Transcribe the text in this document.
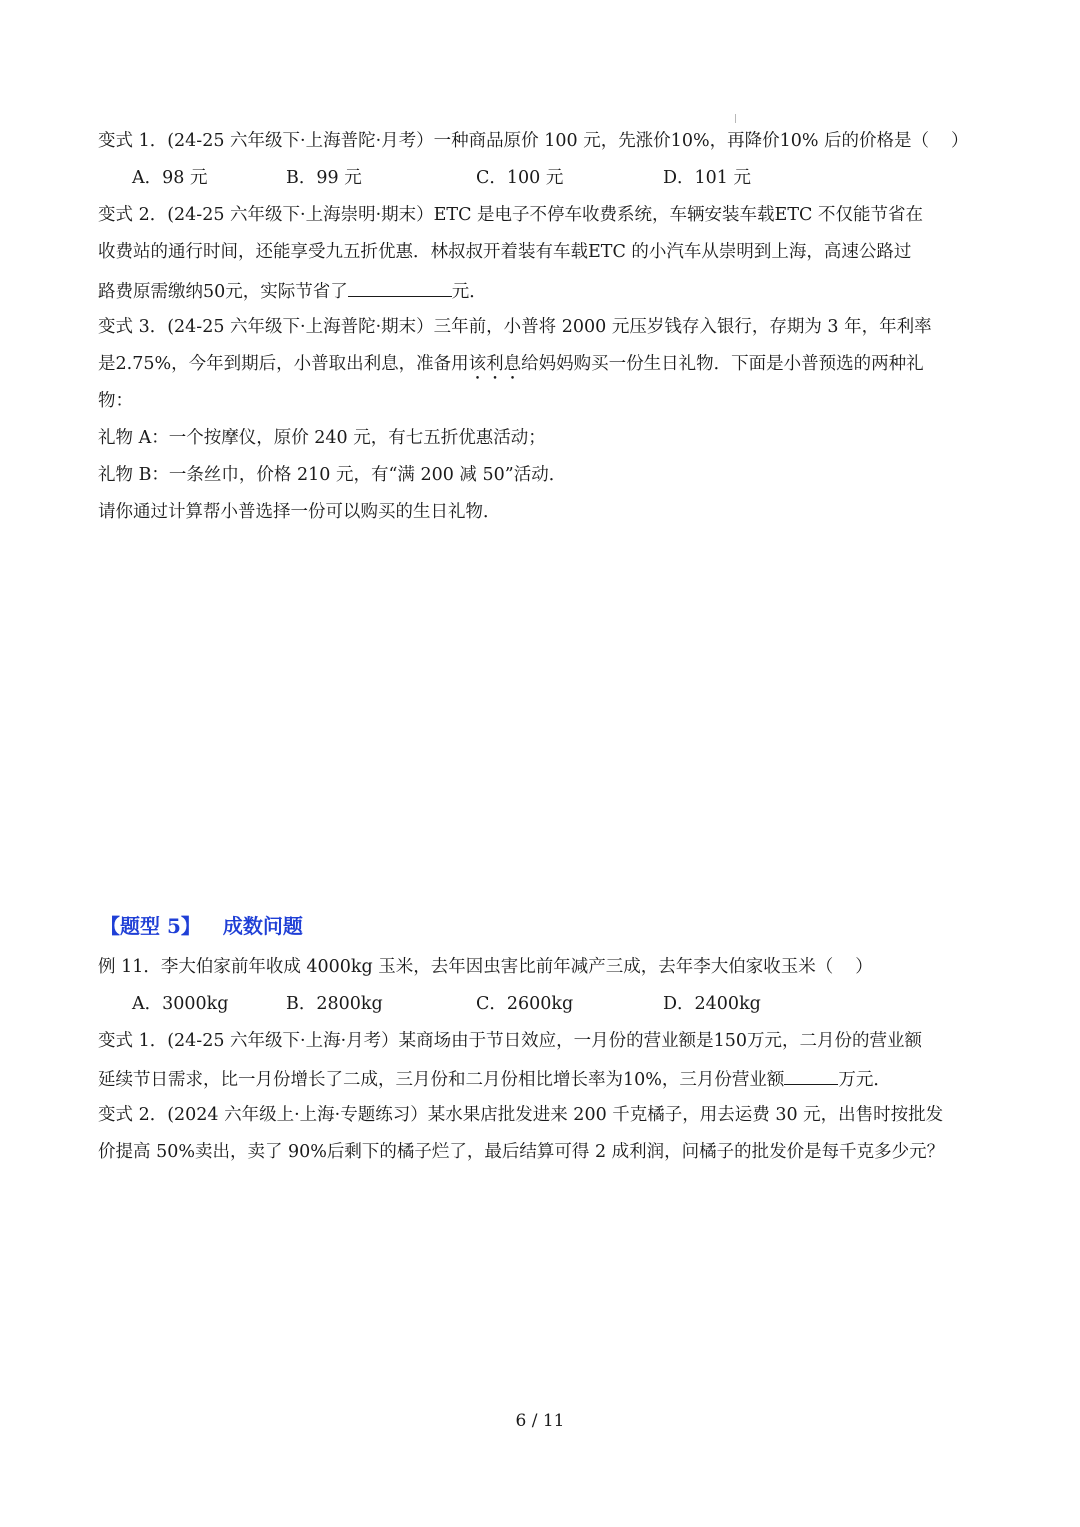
变式 1．(24-25 六年级下·上海普陀·月考）一种商品原价 100 元，先涨价10%，再降价10% 后的价格是（ ）
A．98 元	B．99 元	C．100 元	D．101 元
变式 2．(24-25 六年级下·上海崇明·期末）ETC 是电子不停车收费系统，车辆安装车载ETC 不仅能节省在
收费站的通行时间，还能享受九五折优惠．林叔叔开着装有车载ETC 的小汽车从崇明到上海，高速公路过
路费原需缴纳50元，实际节省了	元．
变式 3．(24-25 六年级下·上海普陀·期末）三年前，小普将 2000 元压岁钱存入银行，存期为 3 年，年利率
是2.75%，今年到期后，小普取出利息，准备用该利息给妈妈购买一份生日礼物．下面是小普预选的两种礼
物：
礼物 A：一个按摩仪，原价 240 元，有七五折优惠活动；
礼物 B：一条丝巾，价格 210 元，有“满 200 减 50”活动．
请你通过计算帮小普选择一份可以购买的生日礼物．
【题型 5】 成数问题
例 11．李大伯家前年收成 4000kg 玉米，去年因虫害比前年减产三成，去年李大伯家收玉米（ ）
A．3000kg	B．2800kg	C．2600kg	D．2400kg
变式 1．(24-25 六年级下·上海·月考）某商场由于节日效应，一月份的营业额是150万元，二月份的营业额
延续节日需求，比一月份增长了二成，三月份和二月份相比增长率为10%，三月份营业额	万元．
变式 2．(2024 六年级上·上海·专题练习）某水果店批发进来 200 千克橘子，用去运费 30 元，出售时按批发
价提高 50%卖出，卖了 90%后剩下的橘子烂了，最后结算可得 2 成利润，问橘子的批发价是每千克多少元？
6 / 11
